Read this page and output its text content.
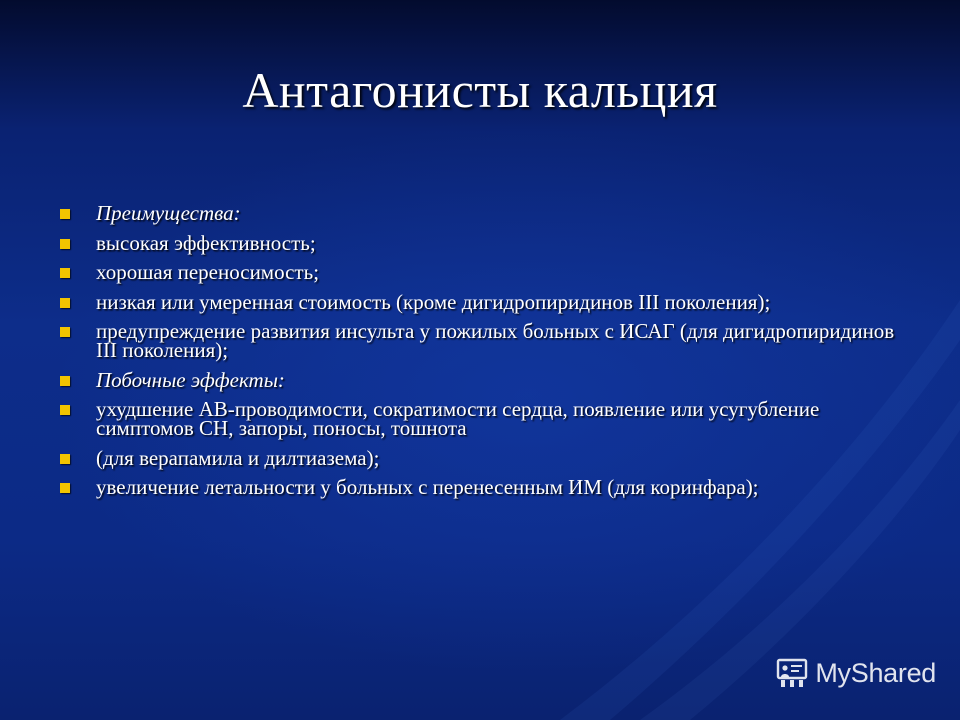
Антагонисты кальция
Преимущества:
высокая эффективность;
хорошая переносимость;
низкая или умеренная стоимость (кроме дигидропиридинов III поколения);
предупреждение развития инсульта у пожилых больных с ИСАГ (для дигидропиридинов III поколения);
Побочные эффекты:
ухудшение АВ-проводимости, сократимости сердца, появление или усугубление симптомов СН, запоры, поносы, тошнота
(для верапамила и дилтиазема);
увеличение летальности у больных с перенесенным ИМ (для коринфара);
MyShared
